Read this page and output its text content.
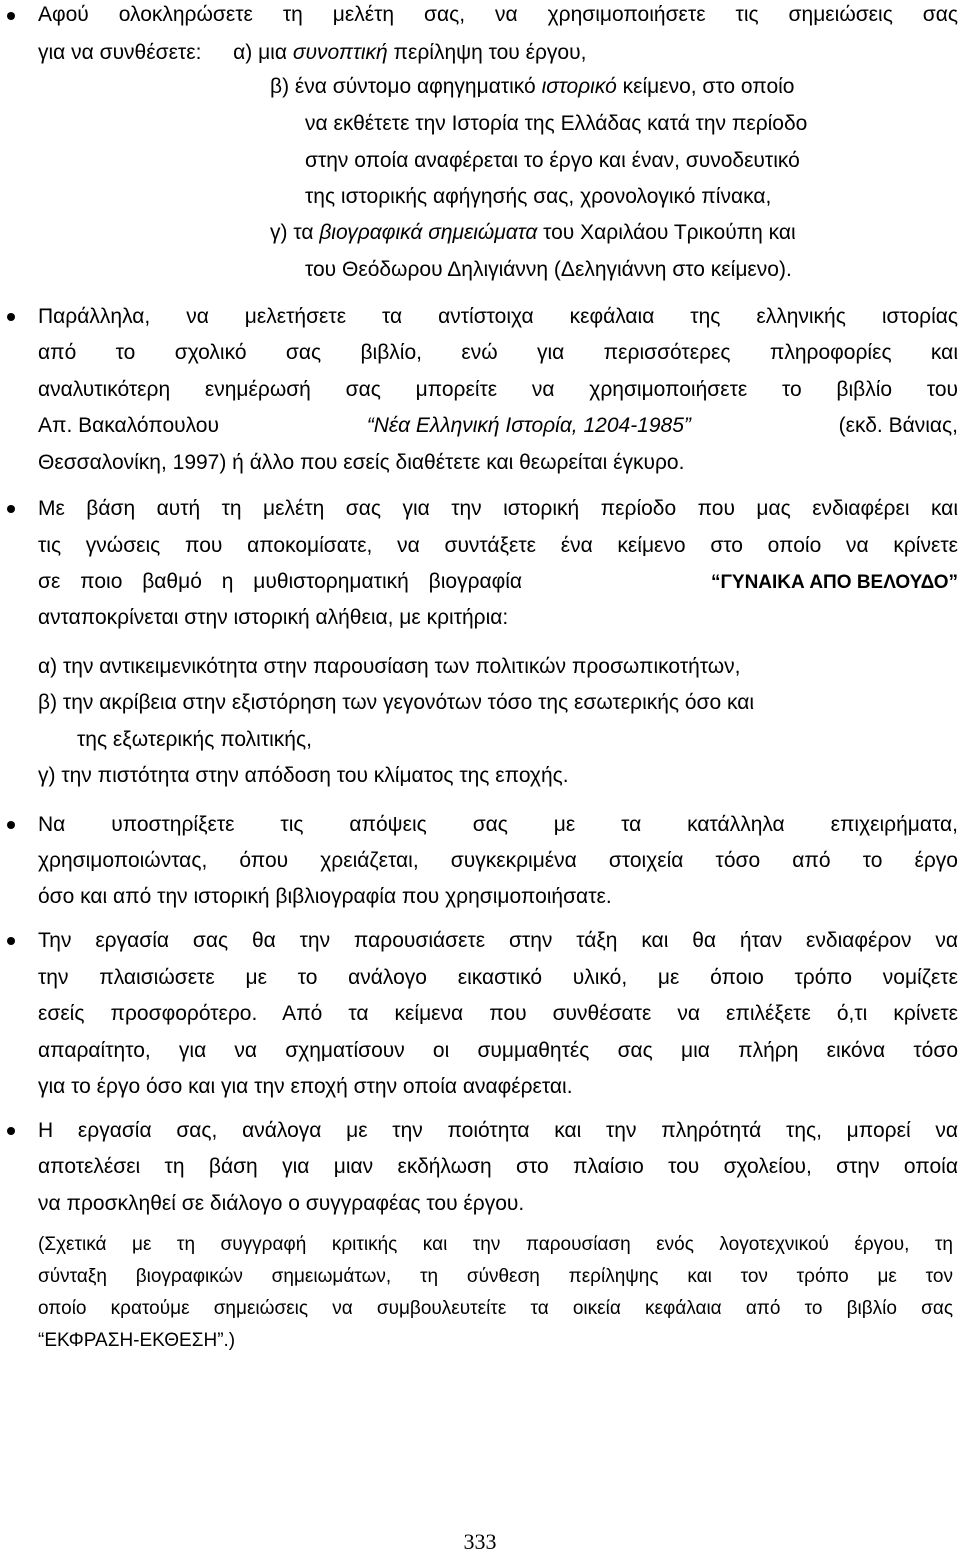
Αφού ολοκληρώσετε τη μελέτη σας, να χρησιμοποιήσετε τις σημειώσεις σας
για να συνθέσετε: α) μια συνοπτική περίληψη του έργου,
β) ένα σύντομο αφηγηματικό ιστορικό κείμενο, στο οποίο
να εκθέτετε την Ιστορία της Ελλάδας κατά την περίοδο
στην οποία αναφέρεται το έργο και έναν, συνοδευτικό
της ιστορικής αφήγησής σας, χρονολογικό πίνακα,
γ) τα βιογραφικά σημειώματα του Χαριλάου Τρικούπη και
του Θεόδωρου Δηλιγιάννη (Δεληγιάννη στο κείμενο).
Παράλληλα, να μελετήσετε τα αντίστοιχα κεφάλαια της ελληνικής ιστορίας
από το σχολικό σας βιβλίο, ενώ για περισσότερες πληροφορίες και
αναλυτικότερη ενημέρωσή σας μπορείτε να χρησιμοποιήσετε το βιβλίο του
Απ. Βακαλόπουλου	“Νέα Ελληνική Ιστορία, 1204-1985”	(εκδ. Βάνιας,
Θεσσαλονίκη, 1997) ή άλλο που εσείς διαθέτετε και θεωρείται έγκυρο.
Με βάση αυτή τη μελέτη σας για την ιστορική περίοδο που μας ενδιαφέρει και
τις γνώσεις που αποκομίσατε, να συντάξετε ένα κείμενο στο οποίο να κρίνετε
σε ποιο βαθμό η μυθιστορηματική βιογραφία	“ΓΥΝΑΙΚΑ ΑΠΟ ΒΕΛΟΥΔΟ”
ανταποκρίνεται στην ιστορική αλήθεια, με κριτήρια:
α) την αντικειμενικότητα στην παρουσίαση των πολιτικών προσωπικοτήτων,
β) την ακρίβεια στην εξιστόρηση των γεγονότων τόσο της εσωτερικής όσο και
της εξωτερικής πολιτικής,
γ) την πιστότητα στην απόδοση του κλίματος της εποχής.
Να υποστηρίξετε τις απόψεις σας με τα κατάλληλα επιχειρήματα,
χρησιμοποιώντας, όπου χρειάζεται, συγκεκριμένα στοιχεία τόσο από το έργο
όσο και από την ιστορική βιβλιογραφία που χρησιμοποιήσατε.
Την εργασία σας θα την παρουσιάσετε στην τάξη και θα ήταν ενδιαφέρον να
την πλαισιώσετε με το ανάλογο εικαστικό υλικό, με όποιο τρόπο νομίζετε
εσείς προσφορότερο. Από τα κείμενα που συνθέσατε να επιλέξετε ό,τι κρίνετε
απαραίτητο, για να σχηματίσουν οι συμμαθητές σας μια πλήρη εικόνα τόσο
για το έργο όσο και για την εποχή στην οποία αναφέρεται.
Η εργασία σας, ανάλογα με την ποιότητα και την πληρότητά της, μπορεί να
αποτελέσει τη βάση για μιαν εκδήλωση στο πλαίσιο του σχολείου, στην οποία
να προσκληθεί σε διάλογο ο συγγραφέας του έργου.
(Σχετικά με τη συγγραφή κριτικής και την παρουσίαση ενός λογοτεχνικού έργου, τη
σύνταξη βιογραφικών σημειωμάτων, τη σύνθεση περίληψης και τον τρόπο με τον
οποίο κρατούμε σημειώσεις να συμβουλευτείτε τα οικεία κεφάλαια από το βιβλίο σας
“ΕΚΦΡΑΣΗ-ΕΚΘΕΣΗ”.)
333
